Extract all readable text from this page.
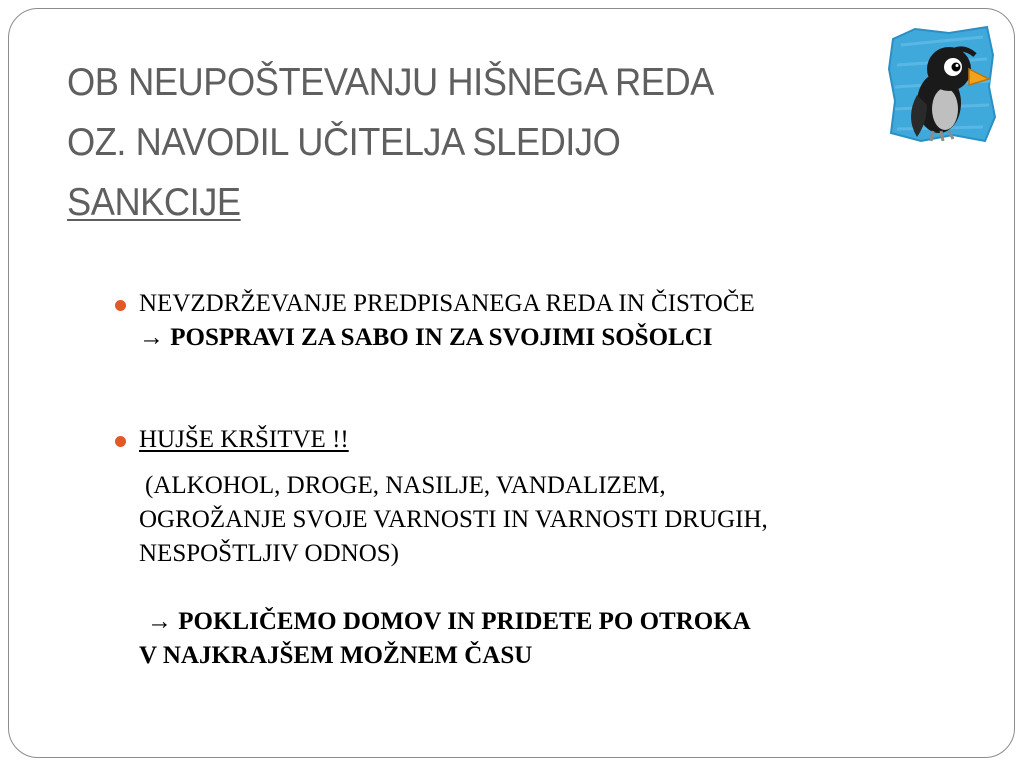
OB NEUPOŠTEVANJU HIŠNEGA REDA
OZ. NAVODIL UČITELJA SLEDIJO
SANKCIJE
NEVZDRŽEVANJE PREDPISANEGA REDA IN ČISTOČE
→ POSPRAVI ZA SABO IN ZA SVOJIMI SOŠOLCI
HUJŠE KRŠITVE !!
(ALKOHOL, DROGE, NASILJE, VANDALIZEM,
OGROŽANJE SVOJE VARNOSTI IN VARNOSTI DRUGIH,
NESPOŠTLJIV ODNOS)
→ POKLIČEMO DOMOV IN PRIDETE PO OTROKA
V NAJKRAJŠEM MOŽNEM ČASU
